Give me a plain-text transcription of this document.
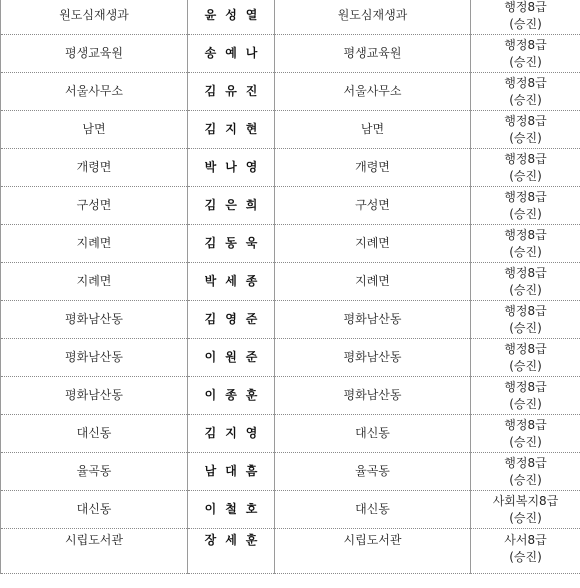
원도심재생과	윤성열	원도심재생과	행정8급
(승진)

평생교육원	송예나	평생교육원	행정8급
(승진)

서울사무소	김유진	서울사무소	행정8급
(승진)

남면	김지현	남면	행정8급
(승진)

개령면	박나영	개령면	행정8급
(승진)

구성면	김은희	구성면	행정8급
(승진)

지례면	김동욱	지례면	행정8급
(승진)

지례면	박세종	지례면	행정8급
(승진)

평화남산동	김영준	평화남산동	행정8급
(승진)

평화남산동	이원준	평화남산동	행정8급
(승진)

평화남산동	이종훈	평화남산동	행정8급
(승진)

대신동	김지영	대신동	행정8급
(승진)

율곡동	남대흠	율곡동	행정8급
(승진)

대신동	이철호	대신동	사회복지8급
(승진)

시립도서관	장세훈	시립도서관	사서8급
(승진)
